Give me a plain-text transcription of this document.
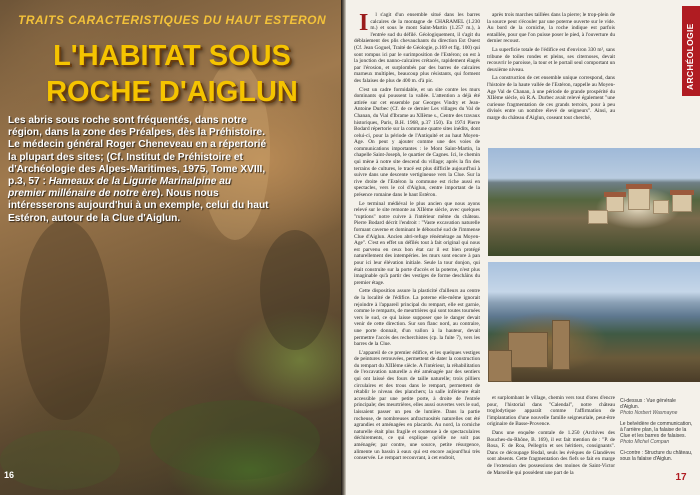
TRAITS CARACTERISTIQUES DU HAUT ESTERON
L'HABITAT SOUS ROCHE D'AIGLUN
Les abris sous roche sont fréquentés, dans notre région, dans la zone des Préalpes, dès la Préhistoire. Le médecin général Roger Cheneveau en a répertorié la plupart des sites; (Cf. Institut de Préhistoire et d'Archéologie des Alpes-Maritimes, 1975, Tome XVIII, p.3, 57 : Hameaux de la Ligurie Marinalpine au premier millénaire de notre ère). Nous nous intéresserons aujourd'hui à un exemple, celui du haut Estéron, autour de la Clue d'Aiglun.
16

I l s'agit d'un ensemble situé dans les barres calcaires de la montagne de CHARAMEL (1.230 m.) et sous le mont Saint-Martin (1.257 m.), à l'entrée sud du défilé. Géologiquement, il s'agit du déblaiement des plis chevauchants du direction Est Ouest (Cf. Jean Goguel, Traité de Géologie, p.169 et fig. 100) qui sont rompus ici par le surimposition de l'Estéron; on est à la jonction des nanno-calcaires crétacés, rapidement élagés par l'érosion, et surplombés par des barres de calcaires marneux multiples, beaucoup plus résistants, qui forment des falaises de plus de 400 m. d'à pic.

C'est un cadre formidable, et un site contre les murs dominants qui poussent la vallée. L'attention a déjà été attirée sur cet ensemble par Georges Vindry et Jean-Antoine Durbec (Cf. de ce dernier Les villages du Val de Chanan, du Vial d'Ibrame au XIIème s., Centre des travaux historiques, Paris, B.H. 1968, p.37 150). En 1974 Pierre Bodard répertorie sur la commune quatre sites inédits, dont celui-ci, pour la période de l'Antiquité et au haut Moyen-Age. On peut y ajouter comme une des voies de communications importantes : le Mont Saint-Martin, la chapelle Saint-Joseph, le quartier de Cagnes. Ici, le chemin qui mène à notre site descend du village; après la fin des terrains de cultures, le tracé est plus difficile aujourd'hui à suivre dans une descente vertigineuse vers la Clue. Sur la rive droite de l'Estéron la commune est riche aussi en spectacles, vers le col d'Aiglun, centre important de la présence romaine dans le haut Estéron.

Le terminal médiéval le plus ancien que nous ayons relevé sur le site remonte au XIIème siècle, avec quelques "ruptions" notre cuivre à l'intérieur même du château. Pierre Bodard décrit l'endroit : "Vaste excavation naturelle formant caverne et dominant le débouché sud de l'immense Clue d'Aiglun. Ancien abri-refuge rénémérage au Moyen-Age". C'est en effet un défilés tout à fait original qui nous est parvenu en ceux bon état car il est bien protégé naturellement des intempéries. les murs sont encore à pan pour ici leur élévation initiale. Seule la tour donjon, qui était construite sur la porte d'accès et la poterne, n'est plus imaginable qu'à partir des vestiges de forme deschâins du premier étage.

Cette disposition assure la plasticité d'ailleurs au centre de la localité de l'édifice. La poterne elle-même ignorait rejoindre à l'appareil principal du rempart, elle est garnie, comme le remparts, de meurtrières qui sont toutes tournées vers le sud, ce qui laisse supposer que le danger devait venir de cette direction. Sur son flanc nord, au contraire, une porte donnait, d'un vallon à la hauteur, devait permettre l'accès des recherchistes (cp. la fuite 7), vers les barres de la Clue.

L'appareil de ce premier édifice, et les quelques vestiges de peintures retrouvées, permettent de dater la construction du rempart du XIIIème siècle. A l'intérieur, la réhabilitation de l'excavation naturelle a été aménagée par des sentiers qui ont laissé des fours de taille naturelle; trois pilliers circulaires et des trous dans le rempart, permettent de rétablir le niveau des planchers; la salle inférieure était accessible par une petite porte, à droite de l'entrée principale; des meurtrières, elles aussi ouvertes vers le sud, laissaient passer un peu de lumière. Dans la partie rocheuse, de nombreuses anfractuosités naturelles ont été agrandies et aménagées en placards. Au nord, la corniche naturelle était plus fragile et soutenue à de spectaculaires déchirements, ce qui explique qu'elle ne soit pas aménagée; par contre, une source, petite résurgence, alimente un bassin à eaux qui est encore aujourd'hui très conservée. Le rempart recouvrant, à cet endroit,

après trois marches taillées dans la pierre; le trop-plein de la source peut s'écouler par une poterne ouverte sur le vide. Au bord de la corniche, la roche indique est parfois entaillée, pour que l'on puisse poser le pied, à l'ouverture du dernier recoust.

La superficie totale de l'édifice est d'environ 330 m², sans tribune de toiles rondes et pleins, ses citernoses, devait recouvrir le paroisse, la tour et le portail seul comportant un deuxième niveau.

La construction de cet ensemble unique correspond, dans l'histoire de la haute vallée de l'Estéron, rappelle au Moyen-Age Val de Chanan, à une période de grande prospérité du XIIème siècle, où R.A. Durbec avait relevé également "une curieuse fragmentation de ces grands terroirs, pour à peu divisés entre un nombre élevé de seigneurs". Ainsi, au marge du château d'Aiglun, coseant tout cherché,

ARCHÉOLOGIE

et surplombant le village, chemin vers tout d'ores d'encre pour, l'historial dans "Calendal", notre château troglodytique apparaît comme l'affirmation de l'implantation d'une nouvelle famille seigneuriale, peut-être originaire de Basse-Provence.

Dans une enquête comtale de 1.250 (Archives des Bouches-du-Rhône, B. 169), il est fait mention de : "P. de Rosa, F. de Roa, Pellegrin et ses héritiers, consignants". Dans ce découpage féodal, seuls les évêques de Glandèves sont absents. Cette fragmentation des fiefs se fait en marge de l'extension des possessions des moines de Saint-Victor de Marseille qui possèdent une part de la

Ci-dessus : Vue générale d'Aiglun.
Photo Norbert Wasmayne

Le belvédère de communication, à l'arrière plan, la falaise de la Clue et les barres de falaises.
Photo Michel Compan

Ci-contre : Structure du château, sous la falaise d'Aiglun.

17
